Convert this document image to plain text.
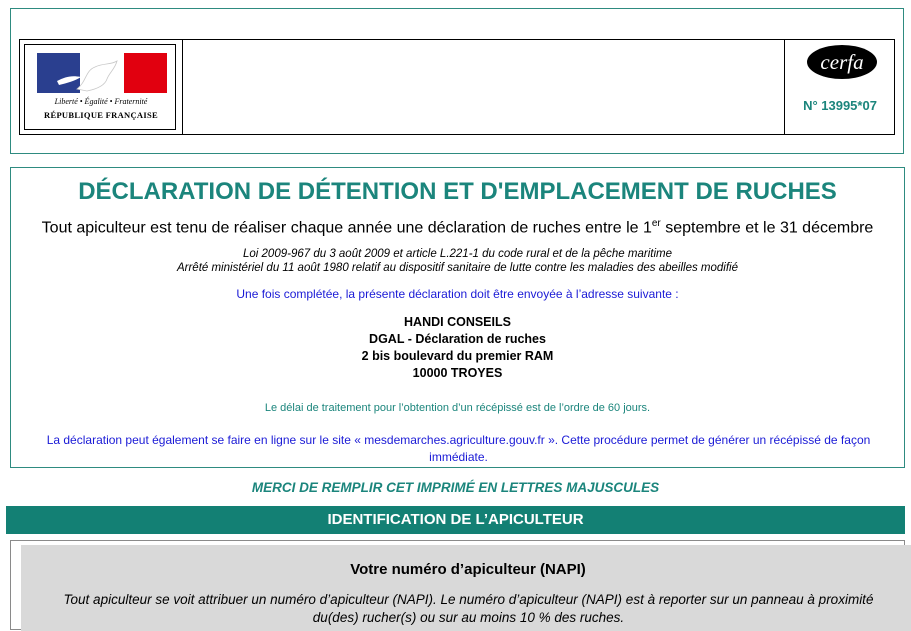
Liberté • Égalité • Fraternité
RÉPUBLIQUE FRANÇAISE
cerfa
N° 13995*07
DÉCLARATION DE DÉTENTION ET D'EMPLACEMENT DE RUCHES
Tout apiculteur est tenu de réaliser chaque année une déclaration de ruches entre le 1er septembre et le 31 décembre
Loi 2009-967 du 3 août 2009 et article L.221-1 du code rural et de la pêche maritime
Arrêté ministériel du 11 août 1980 relatif au dispositif sanitaire de lutte contre les maladies des abeilles modifié
Une fois complétée, la présente déclaration doit être envoyée à l’adresse suivante :
HANDI CONSEILS
DGAL - Déclaration de ruches
2 bis boulevard du premier RAM
10000 TROYES
Le délai de traitement pour l’obtention d’un récépissé est de l’ordre de 60 jours.
La déclaration peut également se faire en ligne sur le site « mesdemarches.agriculture.gouv.fr ». Cette procédure permet de générer un récépissé de façon immédiate.
MERCI DE REMPLIR CET IMPRIMÉ EN LETTRES MAJUSCULES
IDENTIFICATION DE L’APICULTEUR
Votre numéro d’apiculteur (NAPI)
Tout apiculteur se voit attribuer un numéro d’apiculteur (NAPI). Le numéro d’apiculteur (NAPI) est à reporter sur un panneau à proximité du(des) rucher(s) ou sur au moins 10 % des ruches.
